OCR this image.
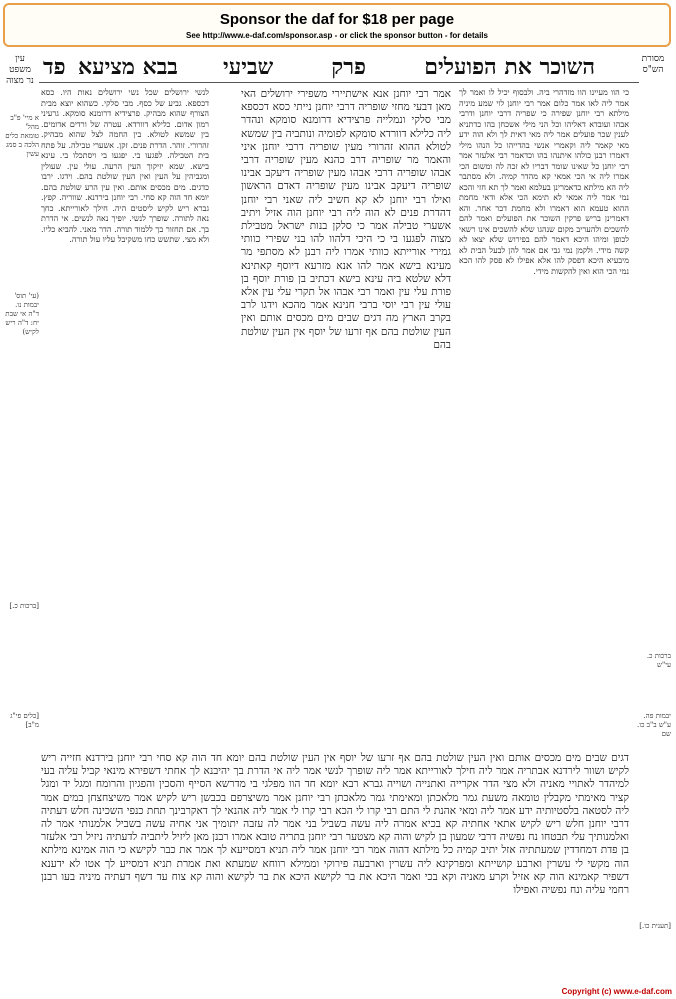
Sponsor the daf for $18 per page
See http://www.e-daf.com/sponsor.asp - or click the sponsor button - for details
השוכר את הפועלים
פרק
שביעי
בבא מציעא
פד	מסורת הש"ס
עין משפט נר מצוה

כי הוו מעיינו הוו מזדהרי ביה. ולבסוף יכיל לו ואמר לך אמר ליה לאו אמר כלום אמר רבי יוחנן לוי שמע מיניה מילתא רבי יוחנן שפירה כי שפריה דרבי יוחנן ודרבי אבהו ועובדא דאליהו וכל הני מילי אשכחן בהו כדתניא לענין שכר פועלים אמר ליה מאי דאית לך ולא הוה ידע מאי קאמר ליה וקאמרי אנשי בהדייהו כל הנהו מילי דאמרו רבנן כולהו איתנהו בהו וכדאמר רבי אלעזר אמר רבי יוחנן כל שאינו שומר דבריו לא זכה לה ומשום הכי אמרו ליה אי הכי אמאי קא מהדר קמיה. ולא מסתבר ליה הא מילתא כדאמרינן בעלמא ואמר לך תא חזי והכא נמי אמר ליה אמאי לא תימא הכי אלא ודאי מחמת ההוא טעמא הוא דאמרו ולא מחמת דבר אחר. והא דאמרינן בריש פרקין השוכר את הפועלים ואמר להם להשכים ולהעריב מקום שנהגו שלא להשכים אינו רשאי לכופן ומיהו היכא דאמר להם בפירוש שלא יצאו לא קשה מידי. ולקמן נמי גבי אם אמר להן לבעל הבית לא מיבעיא היכא דפסק להו אלא אפילו לא פסק להו הכא נמי הכי הוא ואין להקשות מידי.

אמר רבי יוחנן אנא אישתיירי משפירי ירושלים האי מאן דבעי מחזי שופריה דרבי יוחנן נייתי כסא דכספא מבי סלקי ונמלייה פרצידיא דרומנא סומקא ונהדר ליה כלילא דוורדא סומקא לפומיה ונותביה בין שמשא לטולא ההוא זהרורי מעין שופריה דרבי יוחנן איני והאמר מר שופריה דרב כהנא מעין שופריה דרבי אבהו שופריה דרבי אבהו מעין שופריה דיעקב אבינו שופריה דיעקב אבינו מעין שופריה דאדם הראשון ואילו רבי יוחנן לא קא חשיב ליה שאני רבי יוחנן דהדרת פנים לא הוה ליה רבי יוחנן הוה אזיל ויתיב אשערי טבילה אמר כי סלקן בנות ישראל מטבילת מצוה לפגעו בי כי היכי דלהוו להו בני שפירי כוותי גמירי אורייתא כוותי אמרו ליה רבנן לא מסתפי מר מעינא בישא אמר להו אנא מזרעא דיוסף קאתינא דלא שלטא ביה עינא בישא דכתיב בן פורת יוסף בן פורת עלי עין ואמר רבי אבהו אל תקרי עלי עין אלא עולי עין רבי יוסי ברבי חנינא אמר מהכא וידגו לרב בקרב הארץ מה דגים שבים מים מכסים אותם ואין העין שולטת בהם אף זרעו של יוסף אין העין שולטת בהם

לנשי ירושלים שכל נשי ירושלים נאות היו. כסא דכספא. גביע של כסף. מבי סלקי. כשהוא יוצא מבית הצורף שהוא מבהיק. פרצידיא דרומנא סומקא. גרעיני רמון אדום. כלילא דוורדא. עטרה של ורדים אדומים. בין שמשא לטולא. בין החמה לצל שהוא מבהיק. זהרורי. זוהר. הדרת פנים. זקן. אשערי טבילה. על פתח בית הטבילה. לפגעו בי. יפגעו בי ויסתכלו בי. עינא בישא. שמא יזיקוך העין הרעה. עולי עין. שעולין ומגביהין על העין ואין העין שולטת בהם. וידגו. ירבו כדגים. מים מכסים אותם. ואין עין הרע שולטת בהם. יומא חד הוה קא סחי. רבי יוחנן בירדנא. שווריה. קפץ. גברא ריש לקיש ליסטים היה. חילך לאורייתא. כחך נאה לתורה. שופרך לנשי. יופיך נאה לנשים. אי הדרת בך. אם תחזור בך ללמוד תורה. הדר מאני. להביא כליו. ולא מצי. שתשש כחו משקיבל עליו עול תורה.

א מיי' פ"ב מהל' טומאת כלים הלכה ב סמג עשין
(עי' תוס' יבמות נו. ד"ה אי שבת יח: ד"ה ריש לקיש)
[ברכות כ.]
[כלים פי"ג מ"ב]
ברכות כ. עי"ש
יבמות פה. ע"ש ב"ב כו. שם
[תענית כו.]

דגים שבים מים מכסים אותם ואין העין שולטת בהם אף זרעו של יוסף אין העין שולטת בהם יומא חד הוה קא סחי רבי יוחנן בירדנא חזייה ריש לקיש ושוור לירדנא אבתריה אמר ליה חילך לאורייתא אמר ליה שופרך לנשי אמר ליה אי הדרת בך יהיבנא לך אחתי דשפירא מינאי קביל עליה בעי למיהדר לאתויי מאניה ולא מצי הדר אקרייה ואתנייה ושוייה גברא רבא יומא חד הוו מפלגי בי מדרשא הסייף והסכין והפגיון והרומח ומגל יד ומגל קציר מאימתי מקבלין טומאה משעת גמר מלאכתן ומאימתי גמר מלאכתן רבי יוחנן אמר משיצרפם בכבשן ריש לקיש אמר משיצחצחן במים אמר ליה לסטאה בלסטיותיה ידע אמר ליה ומאי אהנת לי התם רבי קרו לי הכא רבי קרו לי אמר ליה אהנאי לך דאקרבינך תחת כנפי השכינה חלש דעתיה דרבי יוחנן חלש ריש לקיש אתאי אחתיה קא בכיא אמרה ליה עשה בשביל בני אמר לה עזבה יתומיך אני אחיה עשה בשביל אלמנותי אמר לה ואלמנותיך עלי תבטחו נח נפשיה דרבי שמעון בן לקיש והוה קא מצטער רבי יוחנן בתריה טובא אמרו רבנן מאן ליזיל ליתביה לדעתיה ניזיל רבי אלעזר בן פדת דמחדדין שמעתתיה אזל יתיב קמיה כל מילתא דהוה אמר רבי יוחנן אמר ליה תניא דמסייעא לך אמר את כבר לקישא כי הוה אמינא מילתא הוה מקשי לי עשרין וארבע קושייתא ומפרקינא ליה עשרין וארבעה פירוקי וממילא רווחא שמעתא ואת אמרת תניא דמסייע לך אטו לא ידענא דשפיר קאמינא הוה קא אזיל וקרע מאניה וקא בכי ואמר היכא את בר לקישא היכא את בר לקישא והוה קא צוח עד דשף דעתיה מיניה בעו רבנן רחמי עליה ונח נפשיה ואפילו

Copyright (c) www.e-daf.com
